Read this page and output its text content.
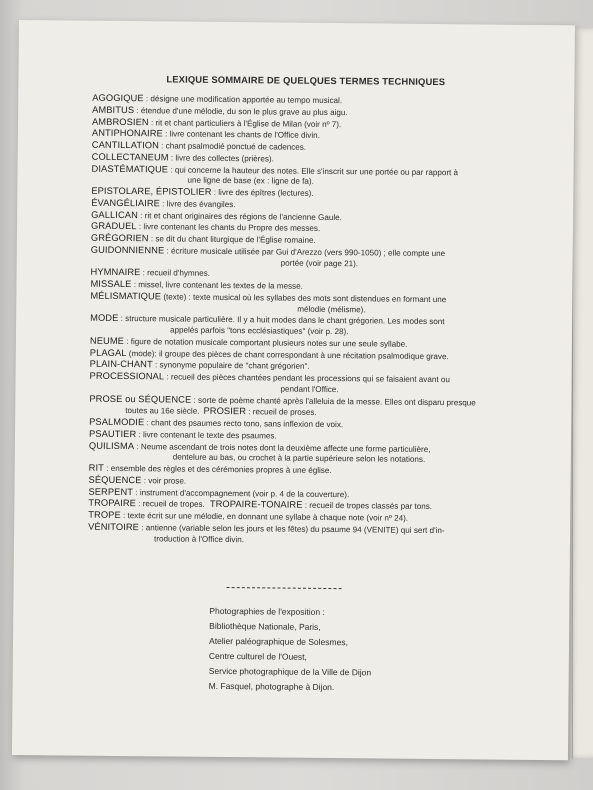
LEXIQUE SOMMAIRE DE QUELQUES TERMES TECHNIQUES
AGOGIQUE : désigne une modification apportée au tempo musical.
AMBITUS : étendue d'une mélodie, du son le plus grave au plus aigu.
AMBROSIEN : rit et chant particuliers à l'Église de Milan (voir nº 7).
ANTIPHONAIRE : livre contenant les chants de l'Office divin.
CANTILLATION : chant psalmodié ponctué de cadences.
COLLECTANEUM : livre des collectes (prières).
DIASTÉMATIQUE : qui concerne la hauteur des notes. Elle s'inscrit sur une portée ou par rapport à
une ligne de base (ex : ligne de fa).
EPISTOLARE, ÉPISTOLIER : livre des épîtres (lectures).
ÉVANGÉLIAIRE : livre des évangiles.
GALLICAN : rit et chant originaires des régions de l'ancienne Gaule.
GRADUEL : livre contenant les chants du Propre des messes.
GRÉGORIEN : se dit du chant liturgique de l'Église romaine.
GUIDONNIENNE : écriture musicale utilisée par Gui d'Arezzo (vers 990-1050) ; elle compte une
portée (voir page 21).
HYMNAIRE : recueil d'hymnes.
MISSALE : missel, livre contenant les textes de la messe.
MÉLISMATIQUE (texte) : texte musical où les syllabes des mots sont distendues en formant une
mélodie (mélisme).
MODE : structure musicale particulière. Il y a huit modes dans le chant grégorien. Les modes sont
appelés parfois "tons ecclésiastiques" (voir p. 28).
NEUME : figure de notation musicale comportant plusieurs notes sur une seule syllabe.
PLAGAL (mode): il groupe des pièces de chant correspondant à une récitation psalmodique grave.
PLAIN-CHANT : synonyme populaire de "chant grégorien".
PROCESSIONAL : recueil des pièces chantées pendant les processions qui se faisaient avant ou
pendant l'Office.
PROSE ou SÉQUENCE : sorte de poème chanté après l'alleluia de la messe. Elles ont disparu presque
toutes au 16e siècle. PROSIER : recueil de proses.
PSALMODIE : chant des psaumes recto tono, sans inflexion de voix.
PSAUTIER : livre contenant le texte des psaumes.
QUILISMA : Neume ascendant de trois notes dont la deuxième affecte une forme particulière,
dentelure au bas, ou crochet à la partie supérieure selon les notations.
RIT : ensemble des règles et des cérémonies propres à une église.
SÉQUENCE : voir prose.
SERPENT : instrument d'accompagnement (voir p. 4 de la couverture).
TROPAIRE : recueil de tropes. TROPAIRE-TONAIRE : recueil de tropes classés par tons.
TROPE : texte écrit sur une mélodie, en donnant une syllabe à chaque note (voir nº 24).
VÉNITOIRE : antienne (variable selon les jours et les fêtes) du psaume 94 (VENITE) qui sert d'in-
troduction à l'Office divin.
Photographies de l'exposition :
Bibliothèque Nationale, Paris,
Atelier paléographique de Solesmes,
Centre culturel de l'Ouest,
Service photographique de la Ville de Dijon
M. Fasquel, photographe à Dijon.
